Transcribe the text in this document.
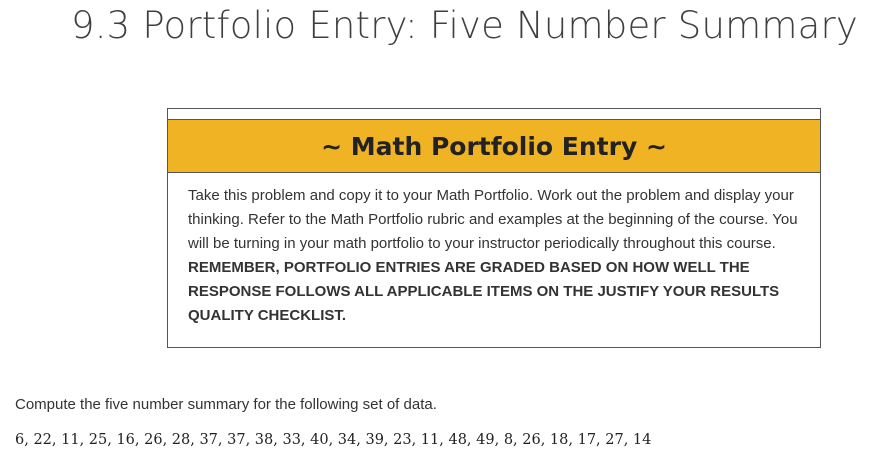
9.3 Portfolio Entry: Five Number Summary
~ Math Portfolio Entry ~
Take this problem and copy it to your Math Portfolio. Work out the problem and display your thinking. Refer to the Math Portfolio rubric and examples at the beginning of the course. You will be turning in your math portfolio to your instructor periodically throughout this course. REMEMBER, PORTFOLIO ENTRIES ARE GRADED BASED ON HOW WELL THE RESPONSE FOLLOWS ALL APPLICABLE ITEMS ON THE JUSTIFY YOUR RESULTS QUALITY CHECKLIST.
Compute the five number summary for the following set of data.
6, 22, 11, 25, 16, 26, 28, 37, 37, 38, 33, 40, 34, 39, 23, 11, 48, 49, 8, 26, 18, 17, 27, 14
